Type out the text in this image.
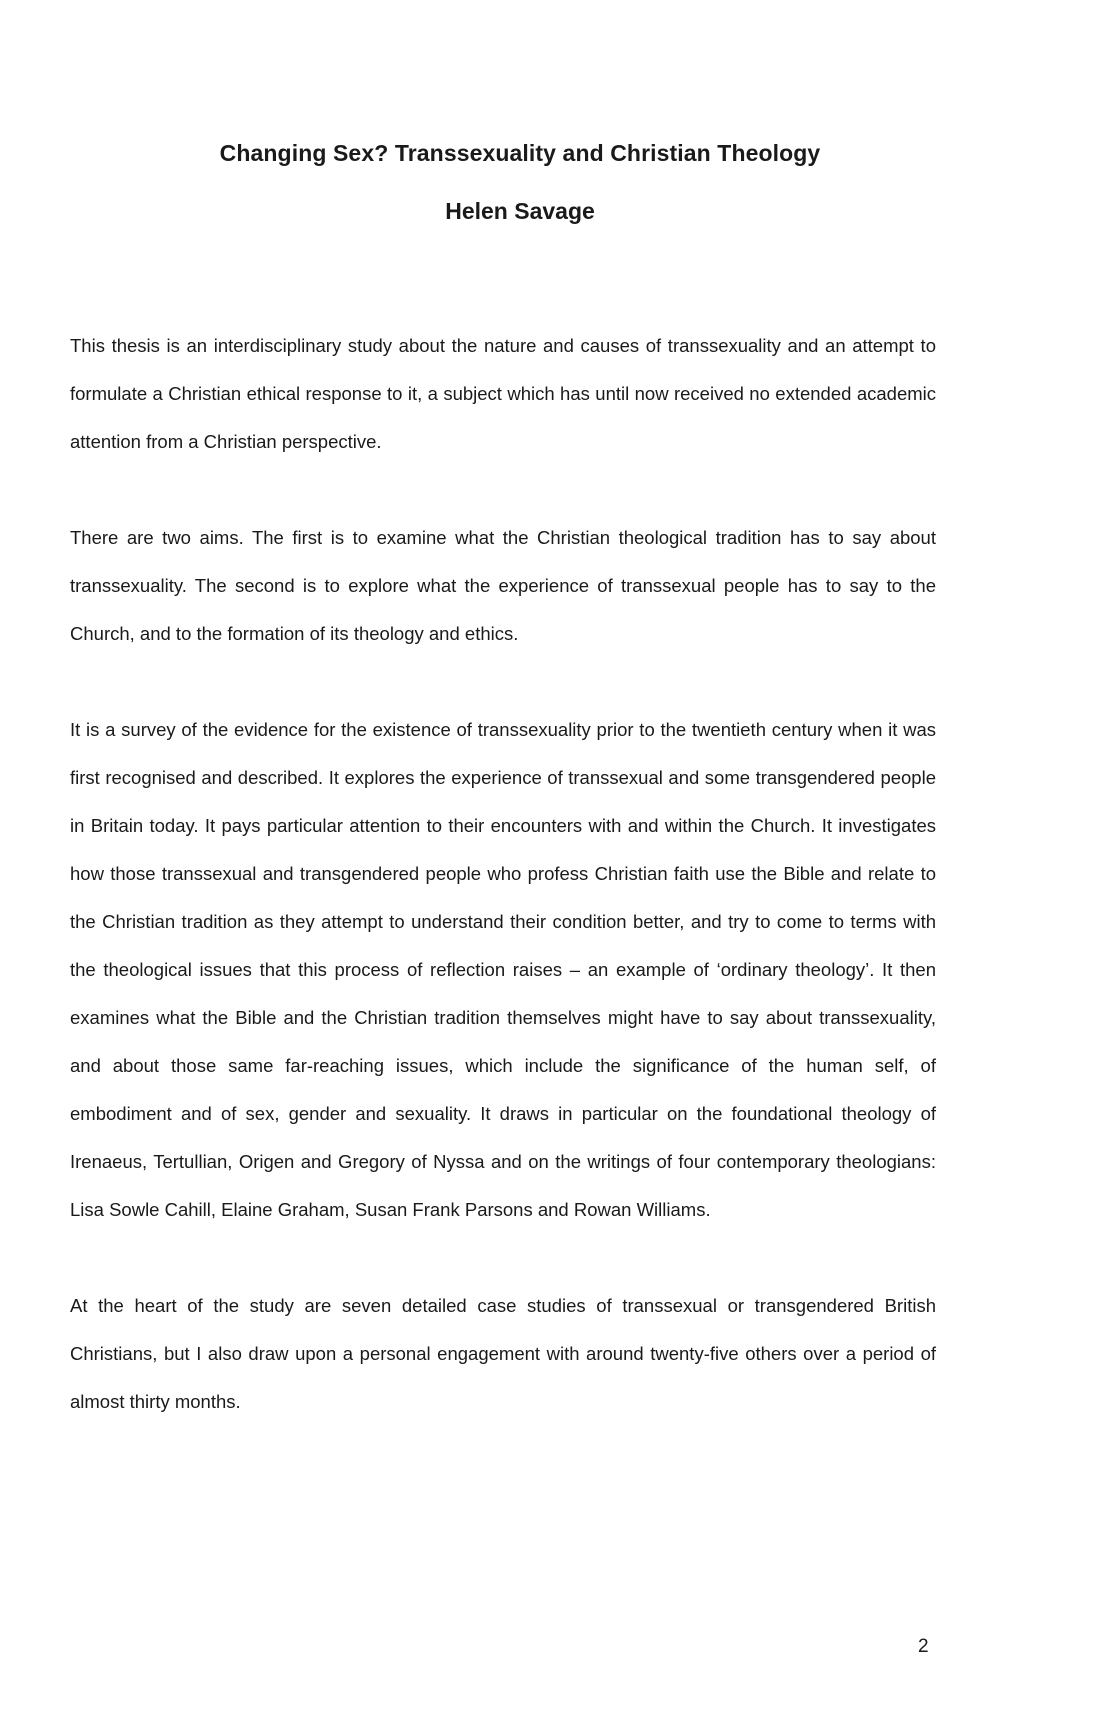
Changing Sex? Transsexuality and Christian Theology
Helen Savage

This thesis is an interdisciplinary study about the nature and causes of transsexuality and an attempt to formulate a Christian ethical response to it, a subject which has until now received no extended academic attention from a Christian perspective.

There are two aims. The first is to examine what the Christian theological tradition has to say about transsexuality. The second is to explore what the experience of transsexual people has to say to the Church, and to the formation of its theology and ethics.

It is a survey of the evidence for the existence of transsexuality prior to the twentieth century when it was first recognised and described. It explores the experience of transsexual and some transgendered people in Britain today. It pays particular attention to their encounters with and within the Church. It investigates how those transsexual and transgendered people who profess Christian faith use the Bible and relate to the Christian tradition as they attempt to understand their condition better, and try to come to terms with the theological issues that this process of reflection raises – an example of ‘ordinary theology’. It then examines what the Bible and the Christian tradition themselves might have to say about transsexuality, and about those same far-reaching issues, which include the significance of the human self, of embodiment and of sex, gender and sexuality. It draws in particular on the foundational theology of Irenaeus, Tertullian, Origen and Gregory of Nyssa and on the writings of four contemporary theologians: Lisa Sowle Cahill, Elaine Graham, Susan Frank Parsons and Rowan Williams.

At the heart of the study are seven detailed case studies of transsexual or transgendered British Christians, but I also draw upon a personal engagement with around twenty-five others over a period of almost thirty months.

2
